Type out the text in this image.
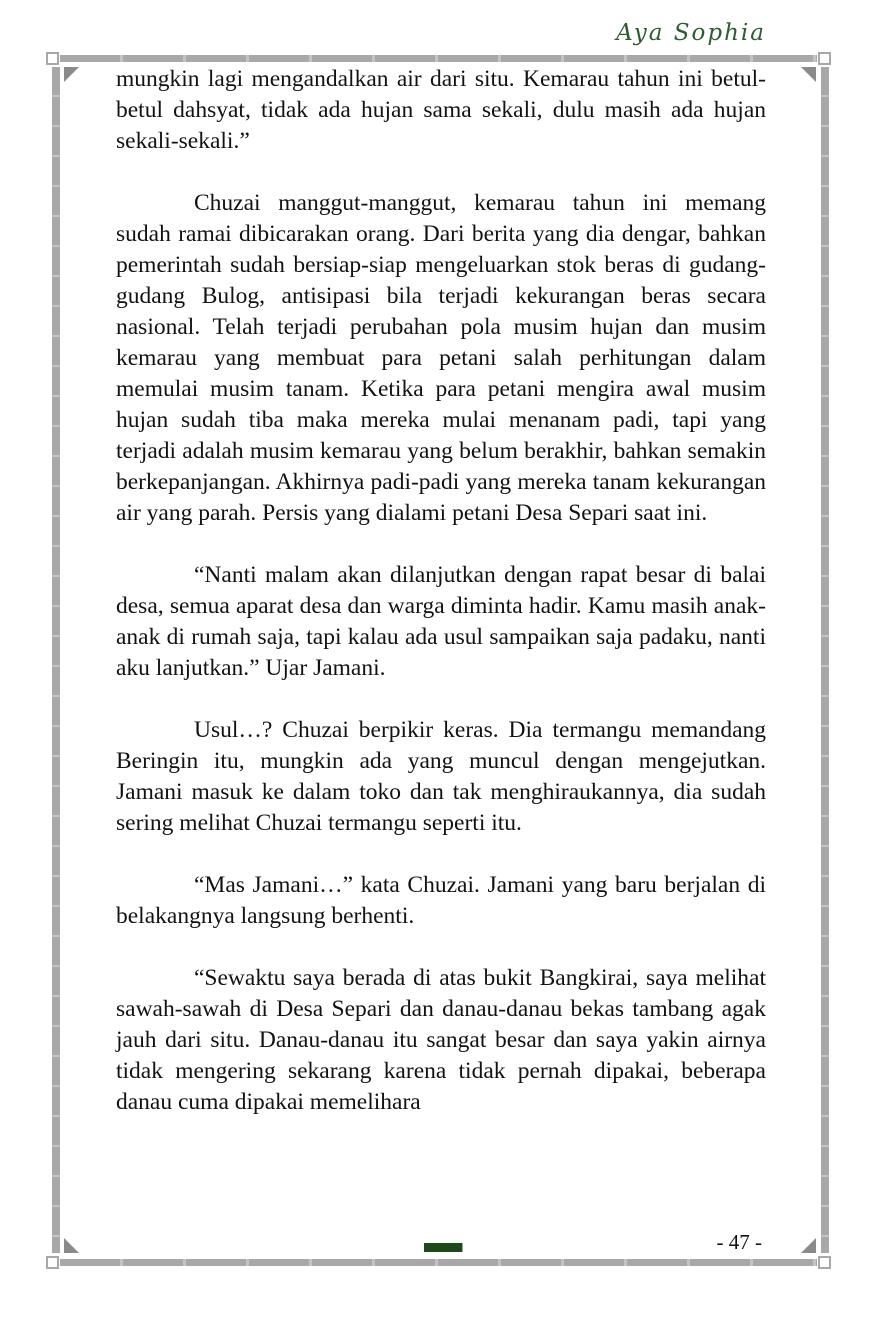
Aya Sophia

mungkin lagi mengandalkan air dari situ. Kemarau tahun ini betul-betul dahsyat, tidak ada hujan sama sekali, dulu masih ada hujan sekali-sekali.”

Chuzai manggut-manggut, kemarau tahun ini memang sudah ramai dibicarakan orang. Dari berita yang dia dengar, bahkan pemerintah sudah bersiap-siap mengeluarkan stok beras di gudang-gudang Bulog, antisipasi bila terjadi kekurangan beras secara nasional. Telah terjadi perubahan pola musim hujan dan musim kemarau yang membuat para petani salah perhitungan dalam memulai musim tanam. Ketika para petani mengira awal musim hujan sudah tiba maka mereka mulai menanam padi, tapi yang terjadi adalah musim kemarau yang belum berakhir, bahkan semakin berkepanjangan. Akhirnya padi-padi yang mereka tanam kekurangan air yang parah. Persis yang dialami petani Desa Separi saat ini.

“Nanti malam akan dilanjutkan dengan rapat besar di balai desa, semua aparat desa dan warga diminta hadir. Kamu masih anak-anak di rumah saja, tapi kalau ada usul sampaikan saja padaku, nanti aku lanjutkan.” Ujar Jamani.

Usul…? Chuzai berpikir keras. Dia termangu memandang Beringin itu, mungkin ada yang muncul dengan mengejutkan. Jamani masuk ke dalam toko dan tak menghiraukannya, dia sudah sering melihat Chuzai termangu seperti itu.

“Mas Jamani…” kata Chuzai. Jamani yang baru berjalan di belakangnya langsung berhenti.

“Sewaktu saya berada di atas bukit Bangkirai, saya melihat sawah-sawah di Desa Separi dan danau-danau bekas tambang agak jauh dari situ. Danau-danau itu sangat besar dan saya yakin airnya tidak mengering sekarang karena tidak pernah dipakai, beberapa danau cuma dipakai memelihara

- 47 -
